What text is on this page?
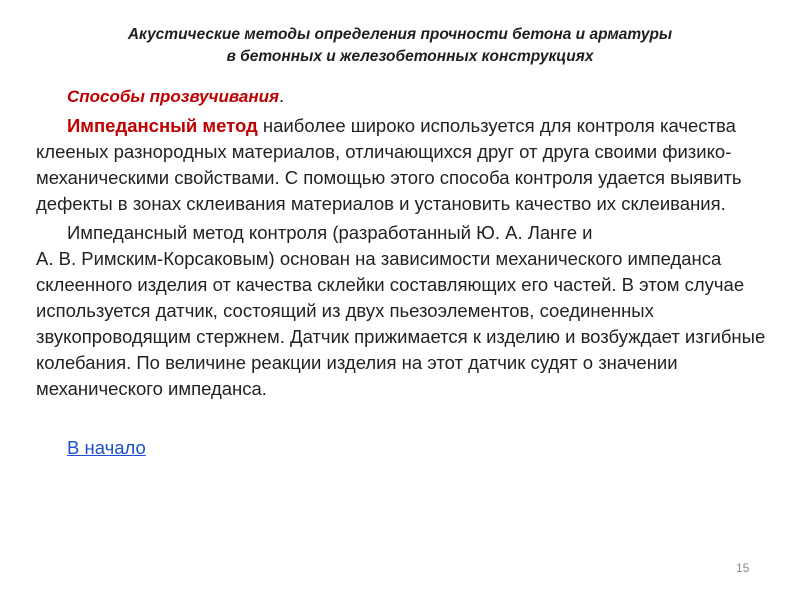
Акустические методы определения прочности бетона и арматуры
в бетонных и железобетонных конструкциях

Способы прозвучивания.

Импедансный метод наиболее широко используется для контроля качества клееных разнородных материалов, отличающихся друг от друга своими физико-механическими свойствами. С помощью этого способа контроля удается выявить дефекты в зонах склеивания материалов и установить качество их склеивания.

Импедансный метод контроля (разработанный Ю. А. Ланге и
А. В. Римским-Корсаковым) основан на зависимости механического импеданса склеенного изделия от качества склейки составляющих его частей. В этом случае используется датчик, состоящий из двух пьезоэлементов, соединенных звукопроводящим стержнем. Датчик прижимается к изделию и возбуждает изгибные колебания. По величине реакции изделия на этот датчик судят о значении механического импеданса.

В начало
15
